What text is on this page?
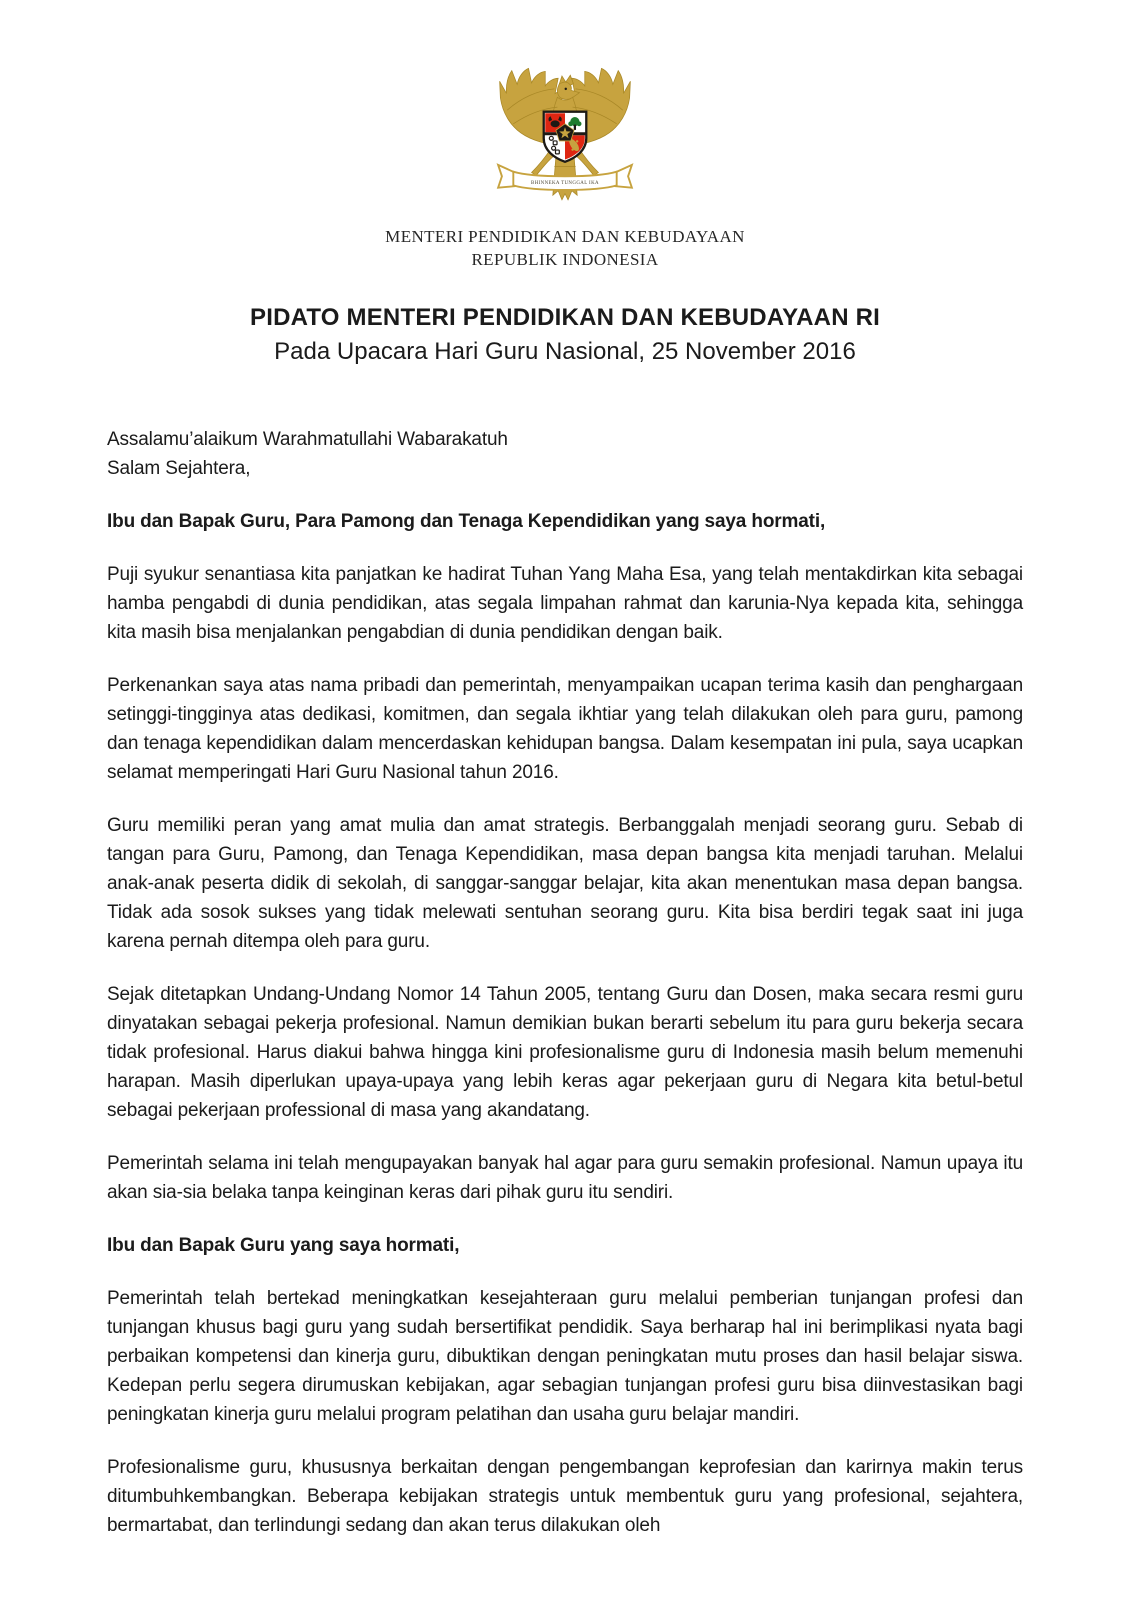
BHINNEKA TUNGGAL IKA
MENTERI PENDIDIKAN DAN KEBUDAYAAN
REPUBLIK INDONESIA
PIDATO MENTERI PENDIDIKAN DAN KEBUDAYAAN RI
Pada Upacara Hari Guru Nasional, 25 November 2016

Assalamu’alaikum Warahmatullahi Wabarakatuh

Salam Sejahtera,

Ibu dan Bapak Guru, Para Pamong dan Tenaga Kependidikan yang saya hormati,

Puji syukur senantiasa kita panjatkan ke hadirat Tuhan Yang Maha Esa, yang telah mentakdirkan kita sebagai hamba pengabdi di dunia pendidikan, atas segala limpahan rahmat dan karunia-Nya kepada kita, sehingga kita masih bisa menjalankan pengabdian di dunia pendidikan dengan baik.

Perkenankan saya atas nama pribadi dan pemerintah, menyampaikan ucapan terima kasih dan penghargaan setinggi-tingginya atas dedikasi, komitmen, dan segala ikhtiar yang telah dilakukan oleh para guru, pamong dan tenaga kependidikan dalam mencerdaskan kehidupan bangsa. Dalam kesempatan ini pula, saya ucapkan selamat memperingati Hari Guru Nasional tahun 2016.

Guru memiliki peran yang amat mulia dan amat strategis. Berbanggalah menjadi seorang guru. Sebab di tangan para Guru, Pamong, dan Tenaga Kependidikan, masa depan bangsa kita menjadi taruhan. Melalui anak-anak peserta didik di sekolah, di sanggar-sanggar belajar, kita akan menentukan masa depan bangsa. Tidak ada sosok sukses yang tidak melewati sentuhan seorang guru. Kita bisa berdiri tegak saat ini juga karena pernah ditempa oleh para guru.

Sejak ditetapkan Undang-Undang Nomor 14 Tahun 2005, tentang Guru dan Dosen, maka secara resmi guru dinyatakan sebagai pekerja profesional. Namun demikian bukan berarti sebelum itu para guru bekerja secara tidak profesional. Harus diakui bahwa hingga kini profesionalisme guru di Indonesia masih belum memenuhi harapan. Masih diperlukan upaya-upaya yang lebih keras agar pekerjaan guru di Negara kita betul-betul sebagai pekerjaan professional di masa yang akandatang.

Pemerintah selama ini telah mengupayakan banyak hal agar para guru semakin profesional. Namun upaya itu akan sia-sia belaka tanpa keinginan keras dari pihak guru itu sendiri.

Ibu dan Bapak Guru yang saya hormati,

Pemerintah telah bertekad meningkatkan kesejahteraan guru melalui pemberian tunjangan profesi dan tunjangan khusus bagi guru yang sudah bersertifikat pendidik. Saya berharap hal ini berimplikasi nyata bagi perbaikan kompetensi dan kinerja guru, dibuktikan dengan peningkatan mutu proses dan hasil belajar siswa. Kedepan perlu segera dirumuskan kebijakan, agar sebagian tunjangan profesi guru bisa diinvestasikan bagi peningkatan kinerja guru melalui program pelatihan dan usaha guru belajar mandiri.

Profesionalisme guru, khususnya berkaitan dengan pengembangan keprofesian dan karirnya makin terus ditumbuhkembangkan. Beberapa kebijakan strategis untuk membentuk guru yang profesional, sejahtera, bermartabat, dan terlindungi sedang dan akan terus dilakukan oleh
